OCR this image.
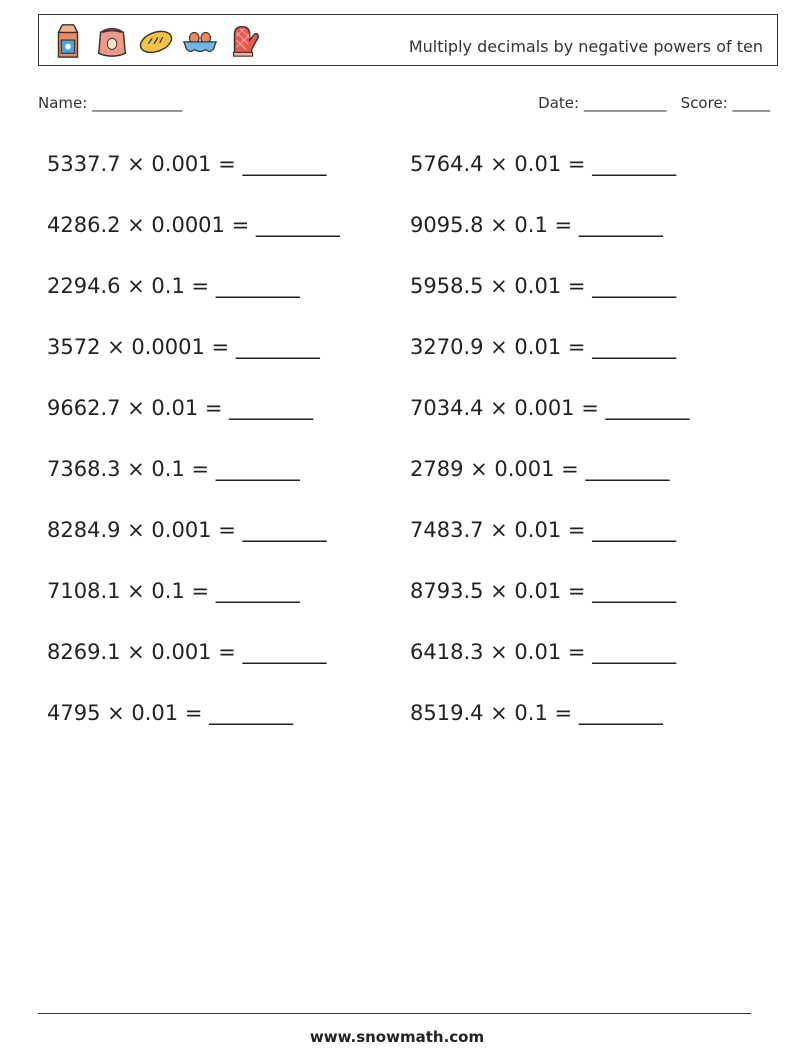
Multiply decimals by negative powers of ten
Name: ____________	Date: ___________ Score: _____
5337.7 × 0.001 = ________
4286.2 × 0.0001 = ________
2294.6 × 0.1 = ________
3572 × 0.0001 = ________
9662.7 × 0.01 = ________
7368.3 × 0.1 = ________
8284.9 × 0.001 = ________
7108.1 × 0.1 = ________
8269.1 × 0.001 = ________
4795 × 0.01 = ________
5764.4 × 0.01 = ________
9095.8 × 0.1 = ________
5958.5 × 0.01 = ________
3270.9 × 0.01 = ________
7034.4 × 0.001 = ________
2789 × 0.001 = ________
7483.7 × 0.01 = ________
8793.5 × 0.01 = ________
6418.3 × 0.01 = ________
8519.4 × 0.1 = ________
www.snowmath.com
